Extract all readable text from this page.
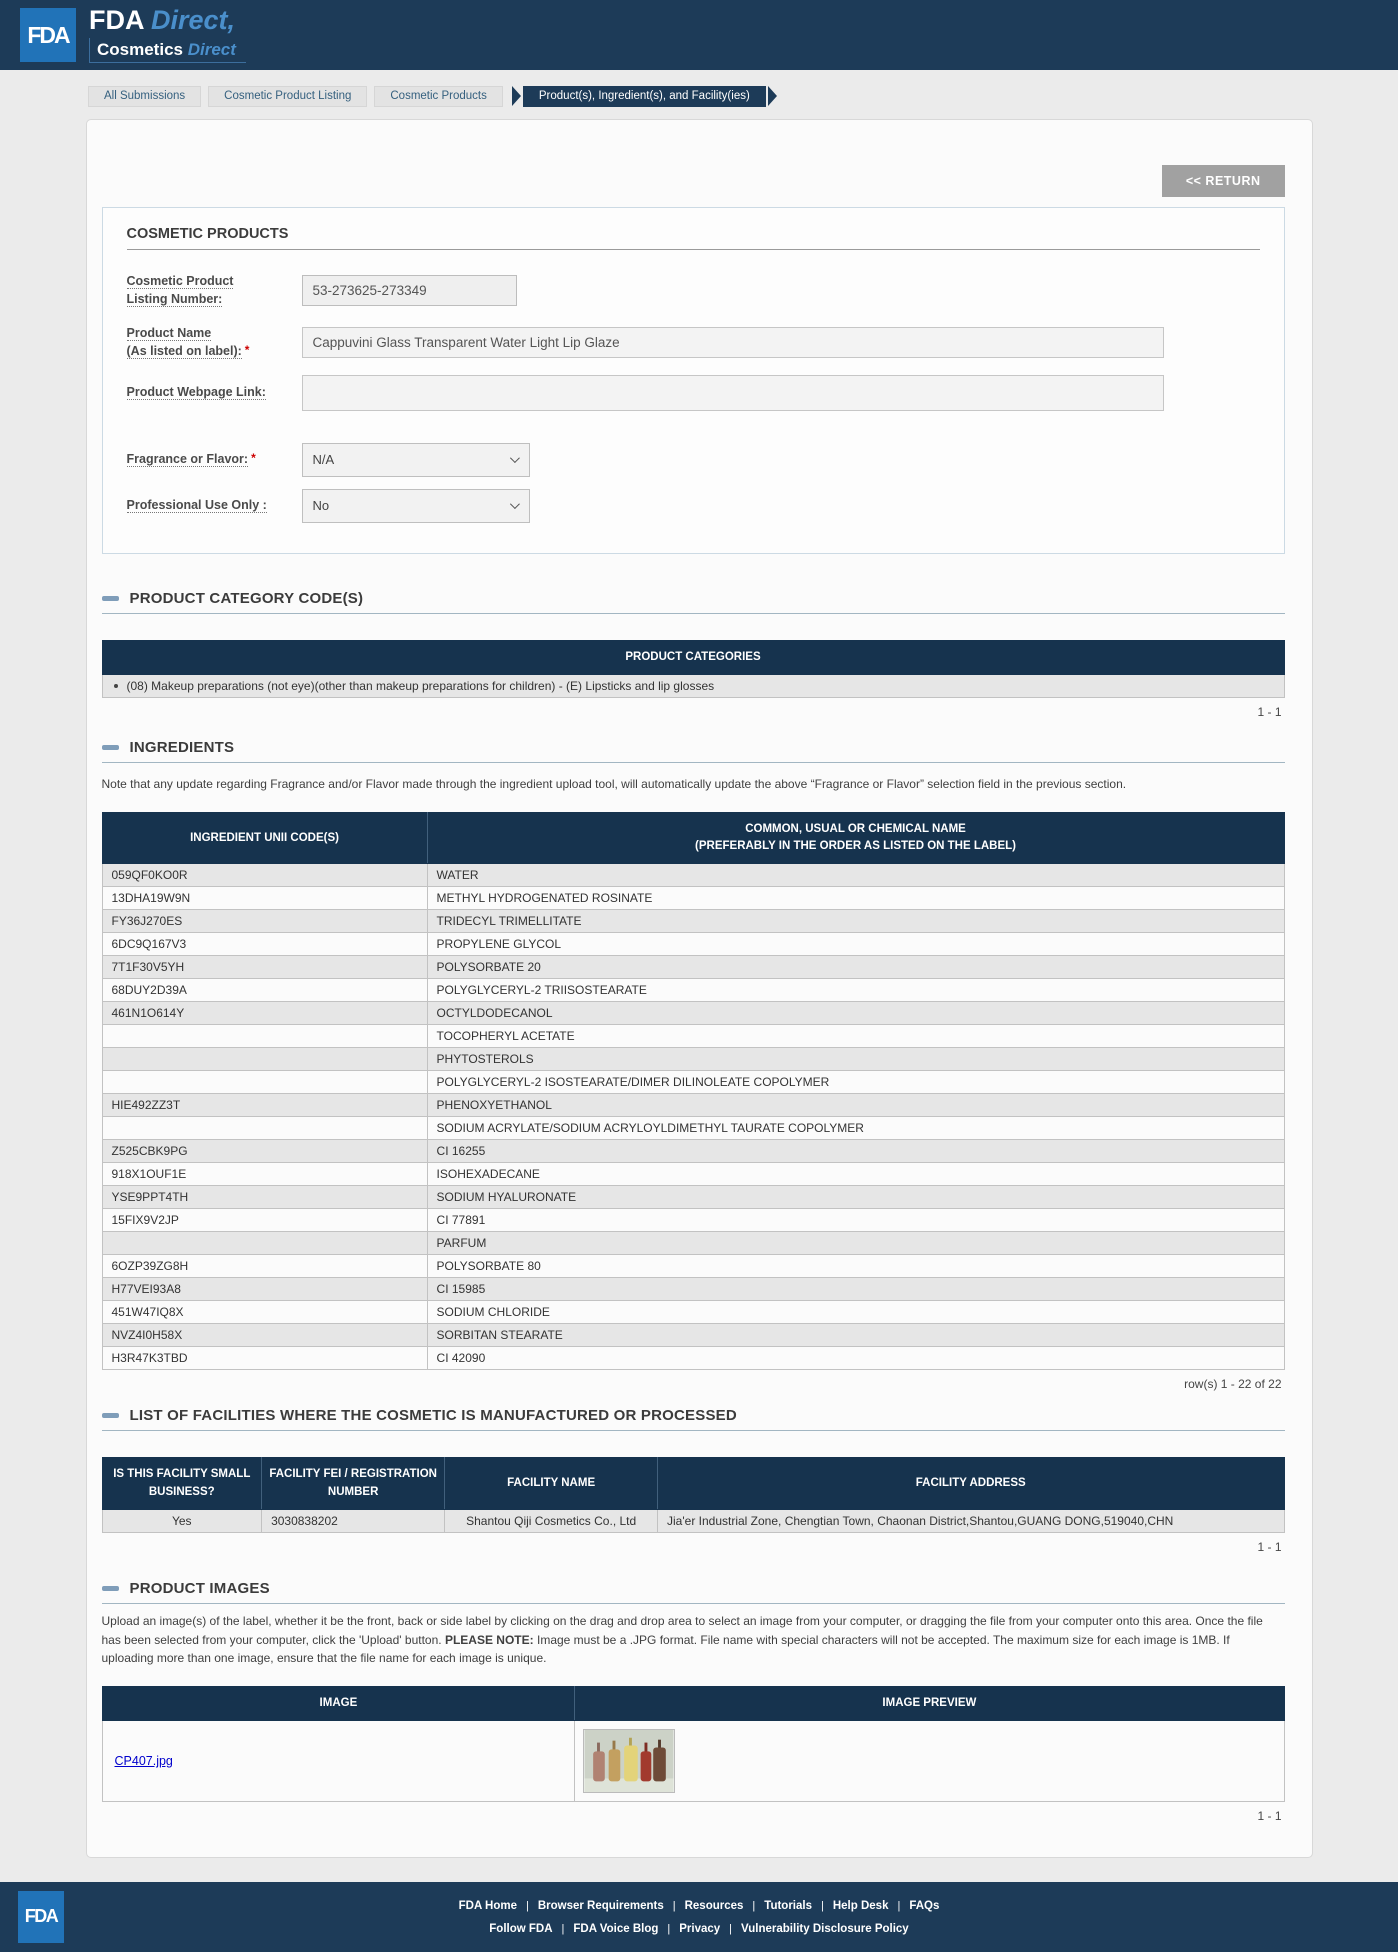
FDA FDA Direct,
Cosmetics Direct
All Submissions	Cosmetic Product Listing	Cosmetic Products	Product(s), Ingredient(s), and Facility(ies)
<< RETURN
COSMETIC PRODUCTS
Cosmetic Product
Listing Number:
53-273625-273349
Product Name
(As listed on label): *
Cappuvini Glass Transparent Water Light Lip Glaze
Product Webpage Link:
Fragrance or Flavor: *	N/A
Professional Use Only :	No
PRODUCT CATEGORY CODE(S)
PRODUCT CATEGORIES
(08) Makeup preparations (not eye)(other than makeup preparations for children) - (E) Lipsticks and lip glosses
1 - 1
INGREDIENTS
Note that any update regarding Fragrance and/or Flavor made through the ingredient upload tool, will automatically update the above “Fragrance or Flavor” selection field in the previous section.
INGREDIENT UNII CODE(S)	COMMON, USUAL OR CHEMICAL NAME
(PREFERABLY IN THE ORDER AS LISTED ON THE LABEL)
059QF0KO0R	WATER
13DHA19W9N	METHYL HYDROGENATED ROSINATE
FY36J270ES	TRIDECYL TRIMELLITATE
6DC9Q167V3	PROPYLENE GLYCOL
7T1F30V5YH	POLYSORBATE 20
68DUY2D39A	POLYGLYCERYL-2 TRIISOSTEARATE
461N1O614Y	OCTYLDODECANOL
	TOCOPHERYL ACETATE
	PHYTOSTEROLS
	POLYGLYCERYL-2 ISOSTEARATE/DIMER DILINOLEATE COPOLYMER
HIE492ZZ3T	PHENOXYETHANOL
	SODIUM ACRYLATE/SODIUM ACRYLOYLDIMETHYL TAURATE COPOLYMER
Z525CBK9PG	CI 16255
918X1OUF1E	ISOHEXADECANE
YSE9PPT4TH	SODIUM HYALURONATE
15FIX9V2JP	CI 77891
	PARFUM
6OZP39ZG8H	POLYSORBATE 80
H77VEI93A8	CI 15985
451W47IQ8X	SODIUM CHLORIDE
NVZ4I0H58X	SORBITAN STEARATE
H3R47K3TBD	CI 42090
row(s) 1 - 22 of 22
LIST OF FACILITIES WHERE THE COSMETIC IS MANUFACTURED OR PROCESSED
IS THIS FACILITY SMALL BUSINESS?	FACILITY FEI / REGISTRATION NUMBER	FACILITY NAME	FACILITY ADDRESS
Yes	3030838202	Shantou Qiji Cosmetics Co., Ltd	Jia'er Industrial Zone, Chengtian Town, Chaonan District,Shantou,GUANG DONG,519040,CHN
1 - 1
PRODUCT IMAGES
Upload an image(s) of the label, whether it be the front, back or side label by clicking on the drag and drop area to select an image from your computer, or dragging the file from your computer onto this area. Once the file has been selected from your computer, click the 'Upload' button. PLEASE NOTE: Image must be a .JPG format. File name with special characters will not be accepted. The maximum size for each image is 1MB. If uploading more than one image, ensure that the file name for each image is unique.
IMAGE	IMAGE PREVIEW
CP407.jpg	
1 - 1
FDA	FDA Home | Browser Requirements | Resources | Tutorials | Help Desk | FAQs
Follow FDA | FDA Voice Blog | Privacy | Vulnerability Disclosure Policy
